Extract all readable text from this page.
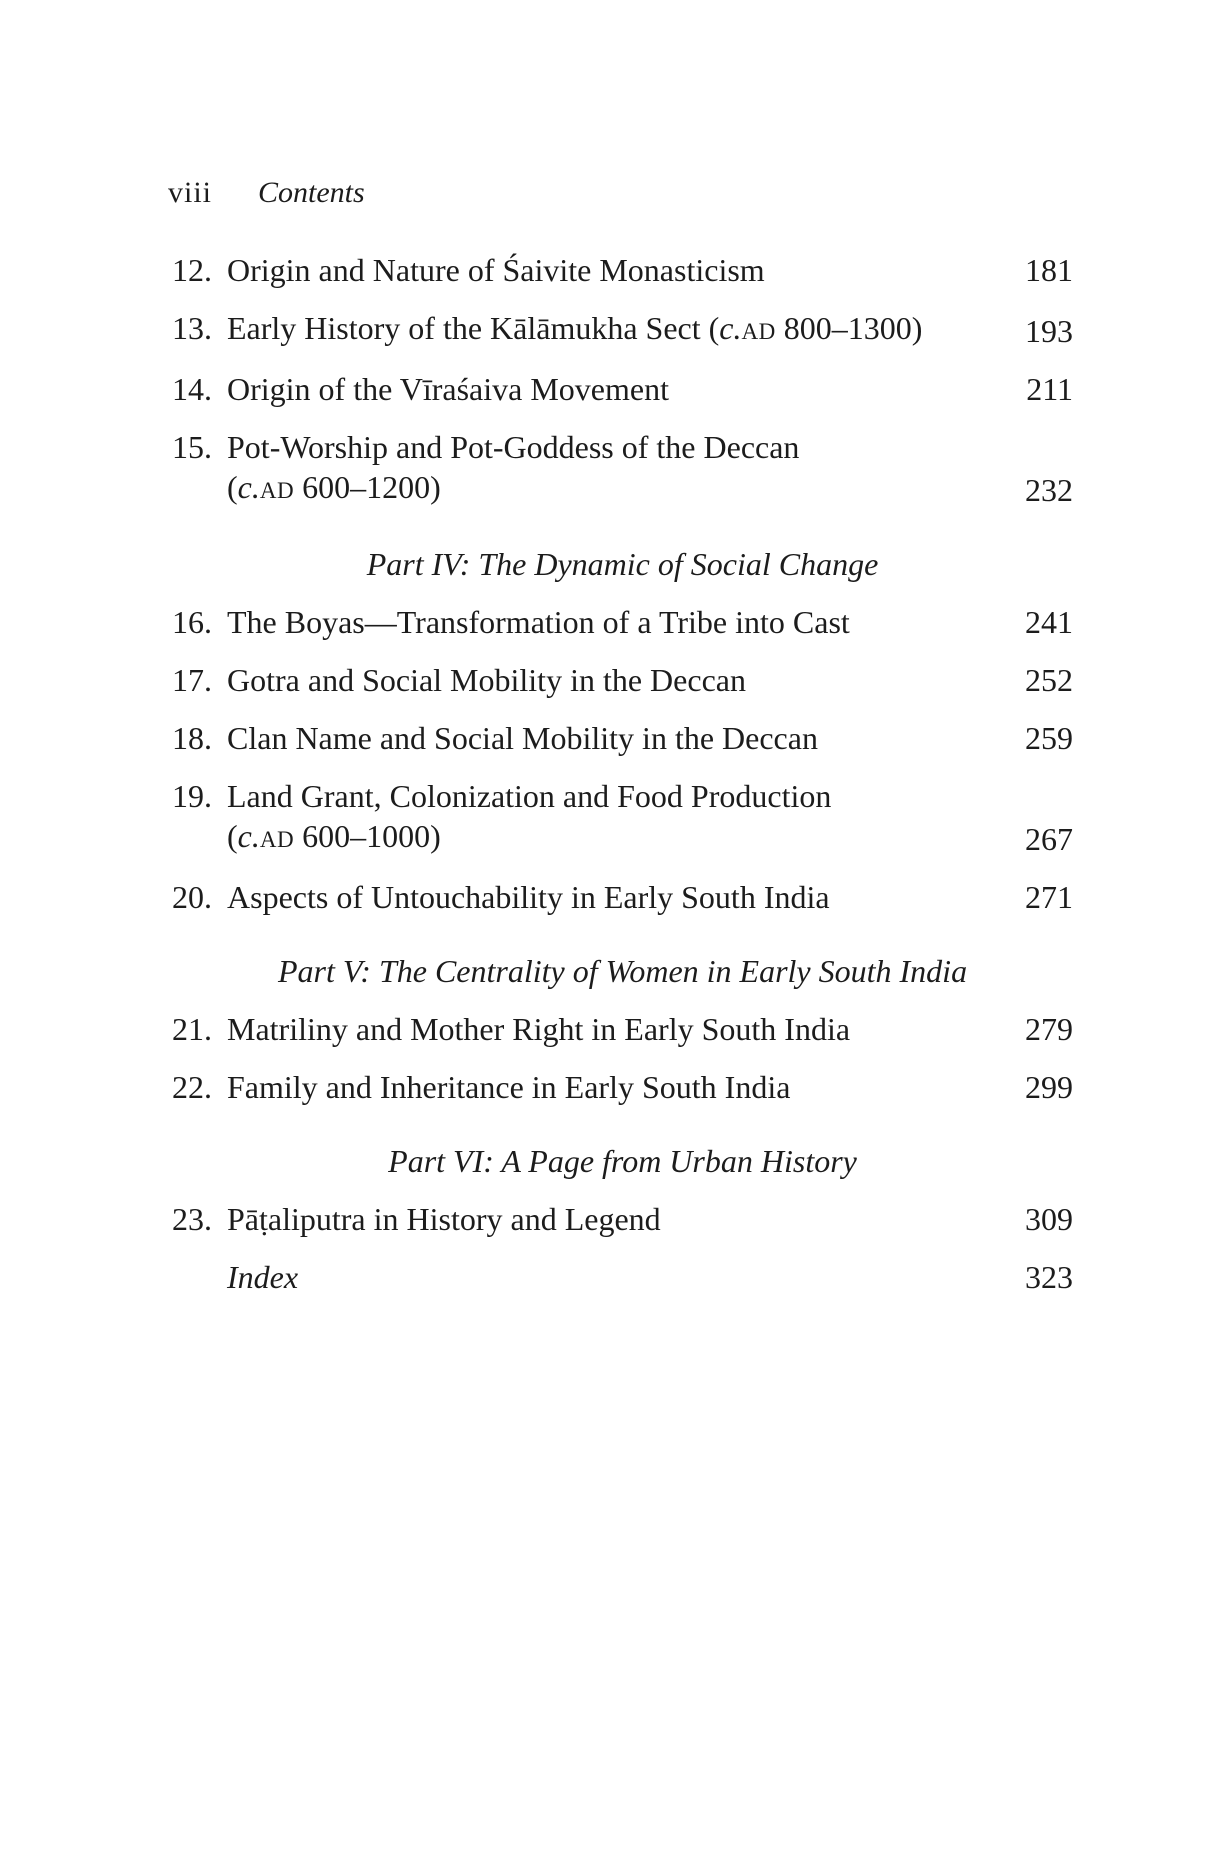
viii Contents
12. Origin and Nature of Śaivite Monasticism	181
13. Early History of the Kālāmukha Sect (c.AD 800–1300)	193
14. Origin of the Vīraśaiva Movement	211
15. Pot-Worship and Pot-Goddess of the Deccan
(c.AD 600–1200)	232
Part IV: The Dynamic of Social Change
16. The Boyas—Transformation of a Tribe into Cast	241
17. Gotra and Social Mobility in the Deccan	252
18. Clan Name and Social Mobility in the Deccan	259
19. Land Grant, Colonization and Food Production
(c.AD 600–1000)	267
20. Aspects of Untouchability in Early South India	271
Part V: The Centrality of Women in Early South India
21. Matriliny and Mother Right in Early South India	279
22. Family and Inheritance in Early South India	299
Part VI: A Page from Urban History
23. Pāṭaliputra in History and Legend	309
Index	323
